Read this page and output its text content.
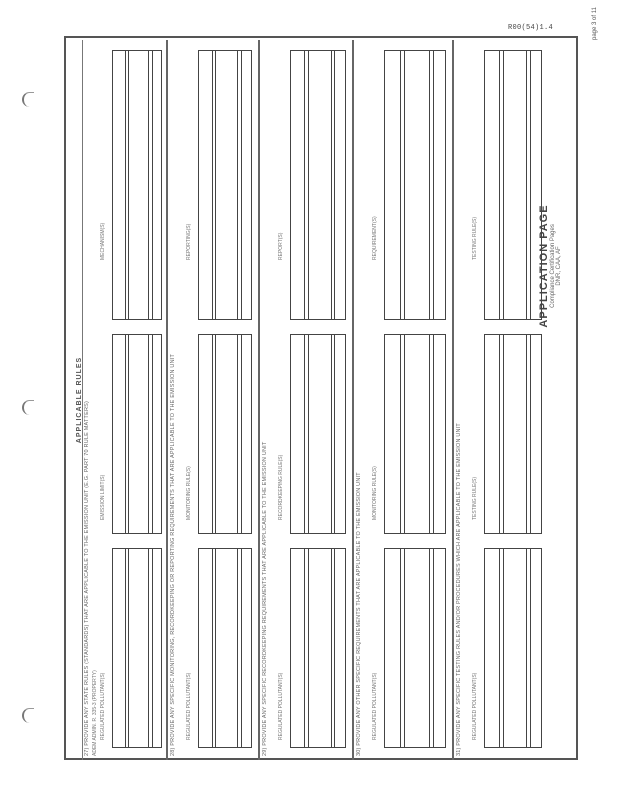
R00(54)1.4	page 3 of 11
APPLICABLE RULES
27) PROVIDE ANY STATE RULES (STANDARDS) THAT ARE APPLICABLE TO THE EMISSION UNIT (E.G. PART 70 RULE MATTERS) ADEM ADMIN. R. 335-3 (PROPERTY) REGULATED POLLUTANT(S)
EMISSION LIMIT(S)
MECHANISM(S)
28) PROVIDE ANY SPECIFIC MONITORING, RECORDKEEPING OR REPORTING REQUIREMENTS THAT ARE APPLICABLE TO THE EMISSION UNIT REGULATED POLLUTANT(S)
MONITORING RULE(S)
REPORTING(S)
29) PROVIDE ANY SPECIFIC RECORDKEEPING REQUIREMENTS THAT ARE APPLICABLE TO THE EMISSION UNIT REGULATED POLLUTANT(S)
RECORDKEEPING RULE(S)
REPORT(S)
30) PROVIDE ANY OTHER SPECIFIC REQUIREMENTS THAT ARE APPLICABLE TO THE EMISSION UNIT REGULATED POLLUTANT(S)
MONITORING RULE(S)
REQUIREMENT(S)
31) PROVIDE ANY SPECIFIC TESTING RULES AND/OR PROCEDURES WHICH ARE APPLICABLE TO THE EMISSION UNIT REGULATED POLLUTANT(S)
TESTING RULE(S)
TESTING RULE(S)	APPLICATION PAGE Compliance Certification Pages DNR, CAA, AF
